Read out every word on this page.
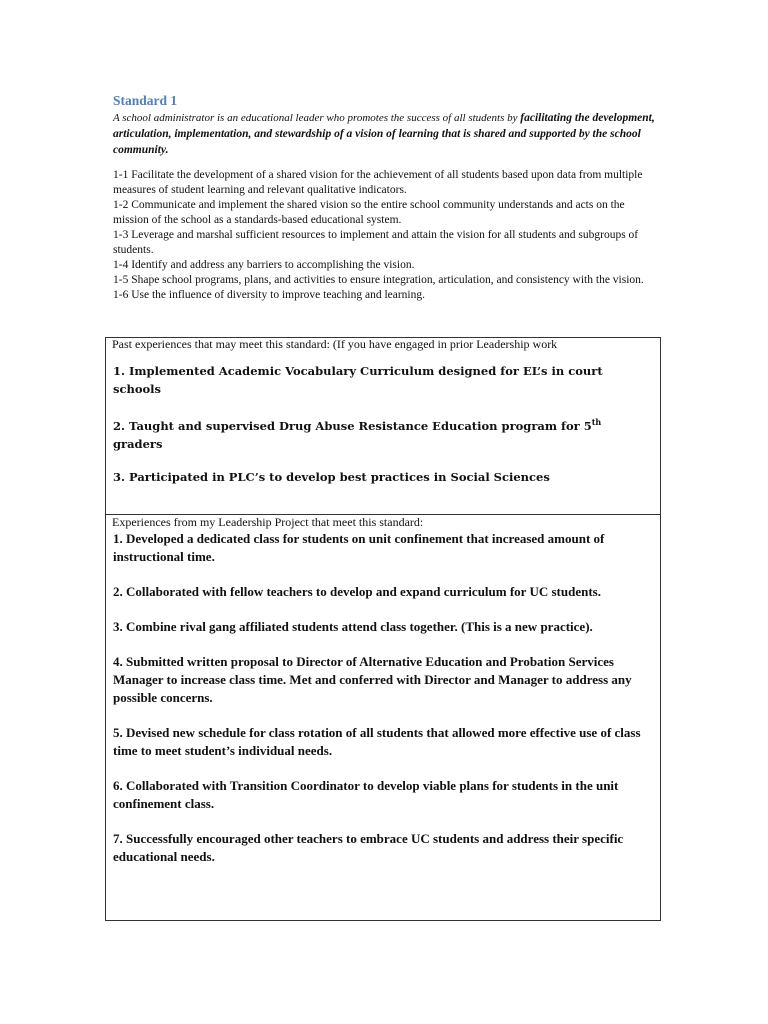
Standard 1
A school administrator is an educational leader who promotes the success of all students by facilitating the development, articulation, implementation, and stewardship of a vision of learning that is shared and supported by the school community.
1-1 Facilitate the development of a shared vision for the achievement of all students based upon data from multiple measures of student learning and relevant qualitative indicators.
1-2 Communicate and implement the shared vision so the entire school community understands and acts on the mission of the school as a standards-based educational system.
1-3 Leverage and marshal sufficient resources to implement and attain the vision for all students and subgroups of students.
1-4 Identify and address any barriers to accomplishing the vision.
1-5 Shape school programs, plans, and activities to ensure integration, articulation, and consistency with the vision.
1-6 Use the influence of diversity to improve teaching and learning.
Past experiences that may meet this standard: (If you have engaged in prior Leadership work
1. Implemented Academic Vocabulary Curriculum designed for EL’s in court schools
2. Taught and supervised Drug Abuse Resistance Education program for 5th graders
3. Participated in PLC’s to develop best practices in Social Sciences
Experiences from my Leadership Project that meet this standard:
1. Developed a dedicated class for students on unit confinement that increased amount of instructional time.
2. Collaborated with fellow teachers to develop and expand curriculum for UC students.
3. Combine rival gang affiliated students attend class together. (This is a new practice).
4. Submitted written proposal to Director of Alternative Education and Probation Services Manager to increase class time. Met and conferred with Director and Manager to address any possible concerns.
5. Devised new schedule for class rotation of all students that allowed more effective use of class time to meet student’s individual needs.
6. Collaborated with Transition Coordinator to develop viable plans for students in the unit confinement class.
7. Successfully encouraged other teachers to embrace UC students and address their specific educational needs.
